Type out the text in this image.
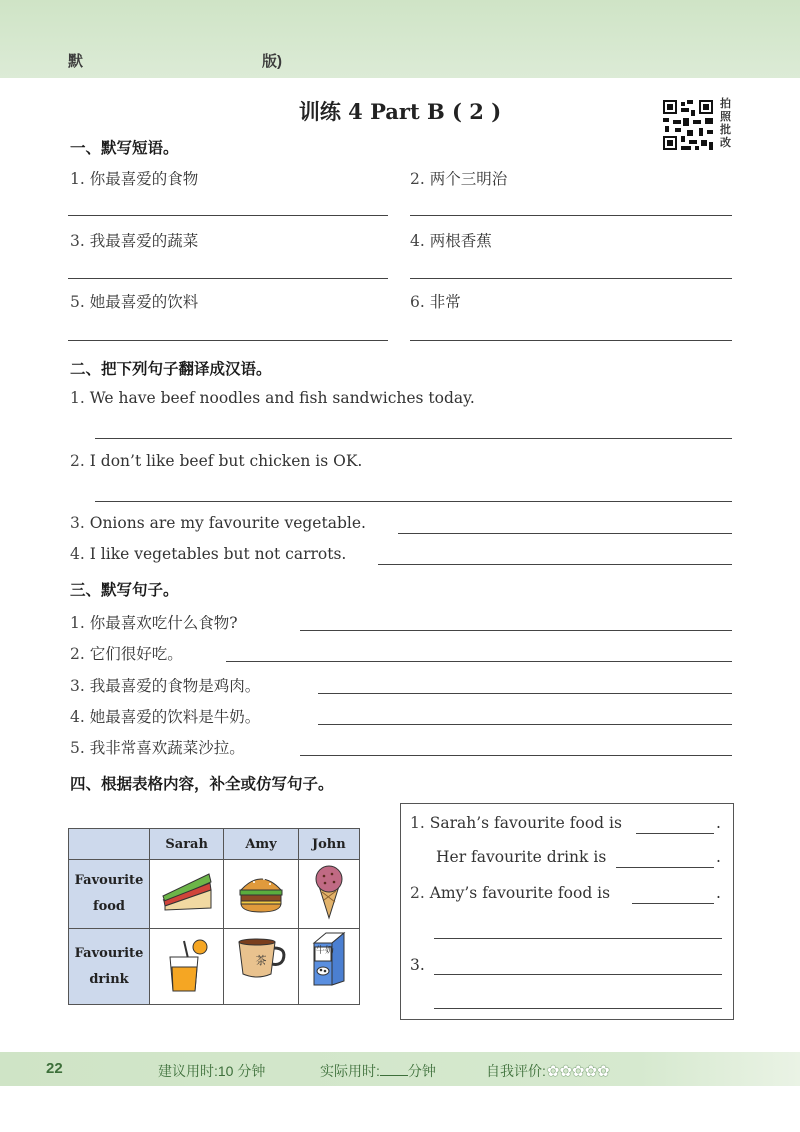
默	版)
训练 4 Part B ( 2 )	拍照批改
一、默写短语。
1. 你最喜爱的食物	2. 两个三明治
3. 我最喜爱的蔬菜	4. 两根香蕉
5. 她最喜爱的饮料	6. 非常
二、把下列句子翻译成汉语。
1. We have beef noodles and fish sandwiches today.
2. I don’t like beef but chicken is OK.
3. Onions are my favourite vegetable.
4. I like vegetables but not carrots.
三、默写句子。
1. 你最喜欢吃什么食物?
2. 它们很好吃。
3. 我最喜爱的食物是鸡肉。
4. 她最喜爱的饮料是牛奶。
5. 我非常喜欢蔬菜沙拉。
四、根据表格内容，补全或仿写句子。
	Sarah	Amy	John
Favourite
food			
Favourite
drink		茶	牛奶
1. Sarah’s favourite food is	.
Her favourite drink is	.
2. Amy’s favourite food is	.
3.
22	建议用时:10 分钟	实际用时: 分钟	自我评价:✿✿✿✿✿
